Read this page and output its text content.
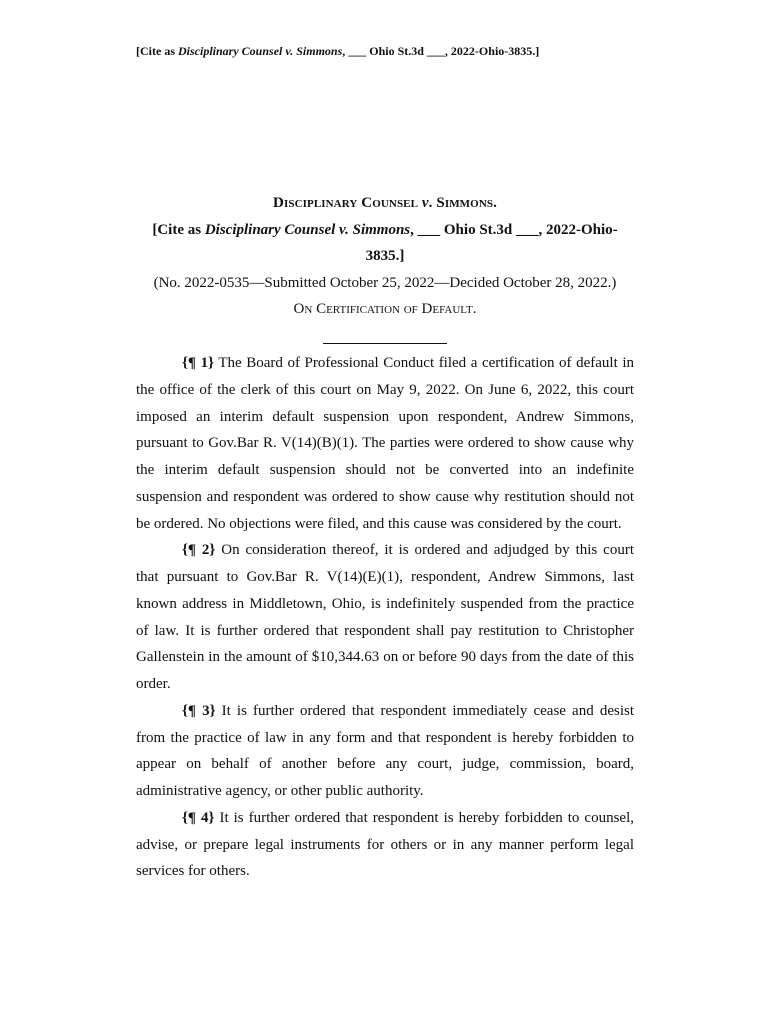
[Cite as Disciplinary Counsel v. Simmons, ___ Ohio St.3d ___, 2022-Ohio-3835.]
Disciplinary Counsel v. Simmons.
[Cite as Disciplinary Counsel v. Simmons, ___ Ohio St.3d ___, 2022-Ohio-3835.]
(No. 2022-0535—Submitted October 25, 2022—Decided October 28, 2022.)
On Certification of Default.

{¶ 1} The Board of Professional Conduct filed a certification of default in the office of the clerk of this court on May 9, 2022. On June 6, 2022, this court imposed an interim default suspension upon respondent, Andrew Simmons, pursuant to Gov.Bar R. V(14)(B)(1). The parties were ordered to show cause why the interim default suspension should not be converted into an indefinite suspension and respondent was ordered to show cause why restitution should not be ordered. No objections were filed, and this cause was considered by the court.

{¶ 2} On consideration thereof, it is ordered and adjudged by this court that pursuant to Gov.Bar R. V(14)(E)(1), respondent, Andrew Simmons, last known address in Middletown, Ohio, is indefinitely suspended from the practice of law. It is further ordered that respondent shall pay restitution to Christopher Gallenstein in the amount of $10,344.63 on or before 90 days from the date of this order.

{¶ 3} It is further ordered that respondent immediately cease and desist from the practice of law in any form and that respondent is hereby forbidden to appear on behalf of another before any court, judge, commission, board, administrative agency, or other public authority.

{¶ 4} It is further ordered that respondent is hereby forbidden to counsel, advise, or prepare legal instruments for others or in any manner perform legal services for others.
